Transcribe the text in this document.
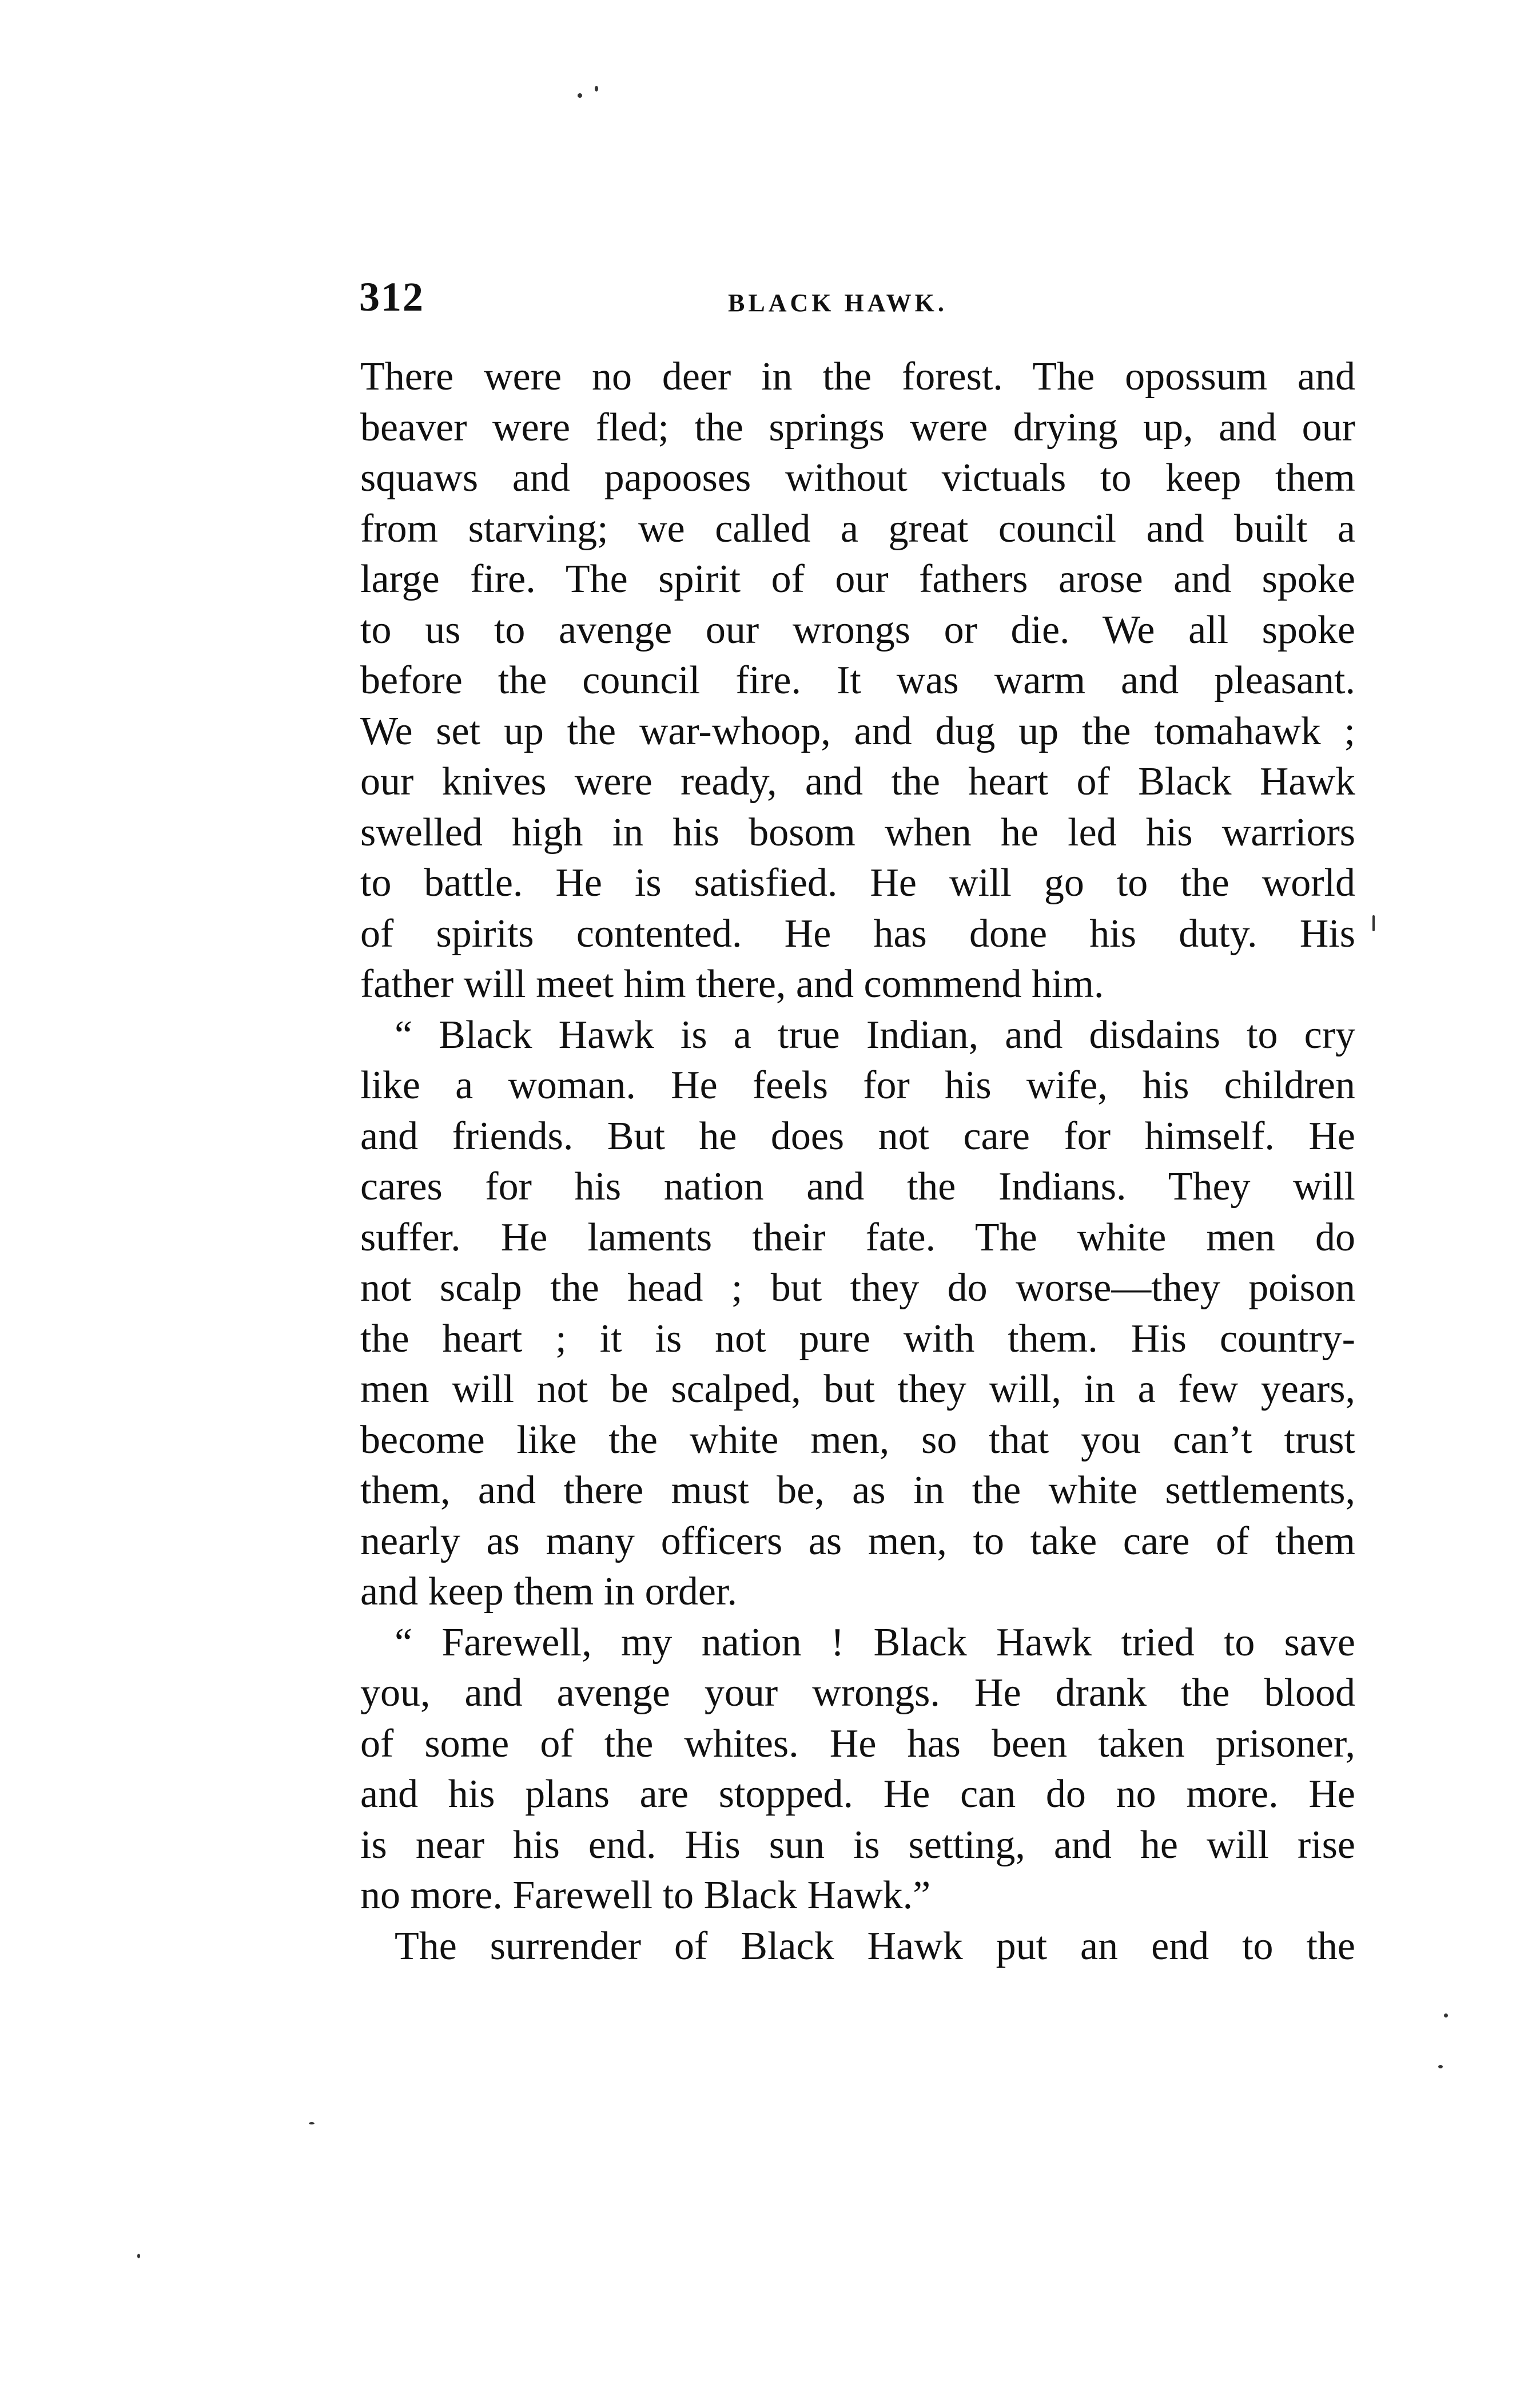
312	BLACK HAWK.
There were no deer in the forest. The opossum and
beaver were fled; the springs were drying up, and our
squaws and papooses without victuals to keep them
from starving; we called a great council and built a
large fire. The spirit of our fathers arose and spoke
to us to avenge our wrongs or die. We all spoke
before the council fire. It was warm and pleasant.
We set up the war-whoop, and dug up the tomahawk ;
our knives were ready, and the heart of Black Hawk
swelled high in his bosom when he led his warriors
to battle. He is satisfied. He will go to the world
of spirits contented. He has done his duty. His
father will meet him there, and commend him.
“ Black Hawk is a true Indian, and disdains to cry
like a woman. He feels for his wife, his children
and friends. But he does not care for himself. He
cares for his nation and the Indians. They will
suffer. He laments their fate. The white men do
not scalp the head ; but they do worse—they poison
the heart ; it is not pure with them. His country-
men will not be scalped, but they will, in a few years,
become like the white men, so that you can’t trust
them, and there must be, as in the white settlements,
nearly as many officers as men, to take care of them
and keep them in order.
“ Farewell, my nation ! Black Hawk tried to save
you, and avenge your wrongs. He drank the blood
of some of the whites. He has been taken prisoner,
and his plans are stopped. He can do no more. He
is near his end. His sun is setting, and he will rise
no more. Farewell to Black Hawk.”
The surrender of Black Hawk put an end to the
